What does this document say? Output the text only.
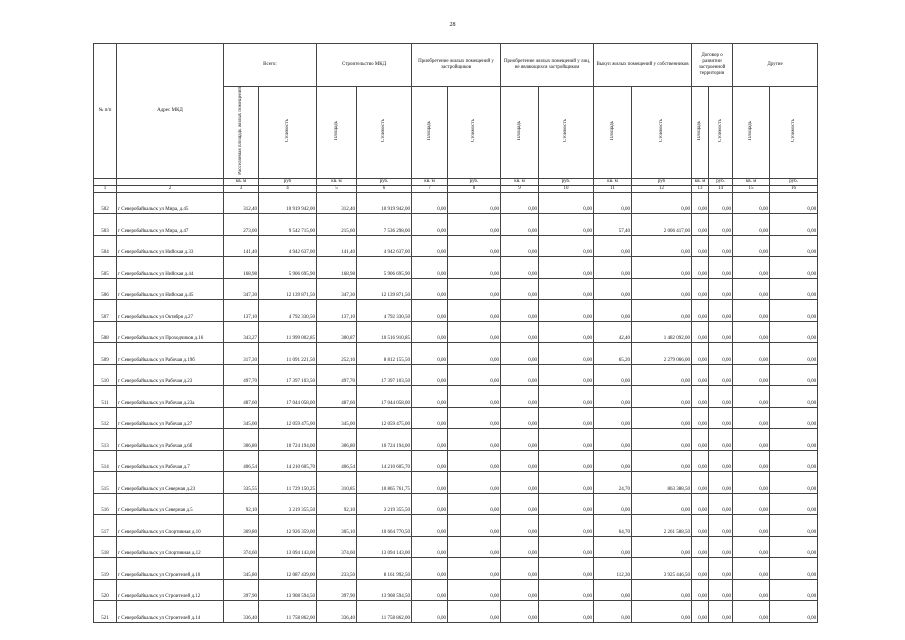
28
№ п/п	Адрес МКД	Всего:		Строительство МКД		Приобретение жилых помещений у застройщиков		Приобретение жилых помещений у лиц, не являющихся застройщиком		Выкуп жилых помещений у собственников		Договор о развитии застроенной территории		Другие	
		Расселяемая площадь жилых помещений	Стоимость	Площадь	Стоимость	Площадь	Стоимость	Площадь	Стоимость	Площадь	Стоимость	Площадь	Стоимость	Площадь	Стоимость
		кв. м	руб	кв. м	руб.	кв. м	руб.	кв. м	руб.	кв. м	руб	кв. м	руб.	кв. м	руб.
1	2	3	4	5	6	7	8	9	10	11	12	13	14	15	16
502	г Северобайкальск ул Мира, д.45	312,40	10 919 942,00	312,40	10 919 942,00	0,00	0,00	0,00	0,00	0,00	0,00	0,00	0,00	0,00	0,00
503	г Северобайкальск ул Мира, д.47	273,00	9 542 715,00	215,60	7 536 298,00	0,00	0,00	0,00	0,00	57,40	2 006 417,00	0,00	0,00	0,00	0,00
504	г Северобайкальск ул Нийская д.33	141,40	4 942 637,00	141,40	4 942 637,00	0,00	0,00	0,00	0,00	0,00	0,00	0,00	0,00	0,00	0,00
505	г Северобайкальск ул Нийская д.44	168,98	5 906 695,90	168,98	5 906 695,90	0,00	0,00	0,00	0,00	0,00	0,00	0,00	0,00	0,00	0,00
506	г Северобайкальск ул Нийская д.45	347,30	12 139 871,50	347,30	12 139 871,50	0,00	0,00	0,00	0,00	0,00	0,00	0,00	0,00	0,00	0,00
507	г Северобайкальск ул Октября д.27	137,10	4 792 330,50	137,10	4 792 330,50	0,00	0,00	0,00	0,00	0,00	0,00	0,00	0,00	0,00	0,00
508	г Северобайкальск ул Проходчиков д.16	343,27	11 999 002,85	300,87	10 516 910,85	0,00	0,00	0,00	0,00	42,40	1 482 092,00	0,00	0,00	0,00	0,00
509	г Северобайкальск ул Рабочая д.19б	317,30	11 091 221,50	252,10	8 812 155,50	0,00	0,00	0,00	0,00	65,20	2 279 066,00	0,00	0,00	0,00	0,00
510	г Северобайкальск ул Рабочая д.23	497,70	17 397 103,50	497,70	17 397 103,50	0,00	0,00	0,00	0,00	0,00	0,00	0,00	0,00	0,00	0,00
511	г Северобайкальск ул Рабочая д.23а	487,60	17 044 058,00	487,60	17 044 058,00	0,00	0,00	0,00	0,00	0,00	0,00	0,00	0,00	0,00	0,00
512	г Северобайкальск ул Рабочая д.27	345,00	12 059 475,00	345,00	12 059 475,00	0,00	0,00	0,00	0,00	0,00	0,00	0,00	0,00	0,00	0,00
513	г Северобайкальск ул Рабочая д.6б	306,80	10 724 194,00	306,80	10 724 194,00	0,00	0,00	0,00	0,00	0,00	0,00	0,00	0,00	0,00	0,00
514	г Северобайкальск ул Рабочая д.7	406,54	14 210 605,70	406,54	14 210 605,70	0,00	0,00	0,00	0,00	0,00	0,00	0,00	0,00	0,00	0,00
515	г Северобайкальск ул Северная д.23	335,55	11 729 150,25	310,85	10 865 761,75	0,00	0,00	0,00	0,00	24,70	863 388,50	0,00	0,00	0,00	0,00
516	г Северобайкальск ул Северная д.5	92,10	3 219 355,50	92,10	3 219 355,50	0,00	0,00	0,00	0,00	0,00	0,00	0,00	0,00	0,00	0,00
517	г Северобайкальск ул Спортивная д.10	369,80	12 926 359,00	305,10	10 664 770,50	0,00	0,00	0,00	0,00	64,70	2 261 588,50	0,00	0,00	0,00	0,00
518	г Северобайкальск ул Спортивная д.12	374,60	13 094 143,00	374,60	13 094 143,00	0,00	0,00	0,00	0,00	0,00	0,00	0,00	0,00	0,00	0,00
519	г Северобайкальск ул Строителей д.10	345,80	12 087 439,00	233,50	8 161 992,50	0,00	0,00	0,00	0,00	112,30	3 925 446,50	0,00	0,00	0,00	0,00
520	г Северобайкальск ул Строителей д.12	397,90	13 908 594,50	397,90	13 908 594,50	0,00	0,00	0,00	0,00	0,00	0,00	0,00	0,00	0,00	0,00
521	г Северобайкальск ул Строителей д.14	336,40	11 758 862,00	336,40	11 758 862,00	0,00	0,00	0,00	0,00	0,00	0,00	0,00	0,00	0,00	0,00
